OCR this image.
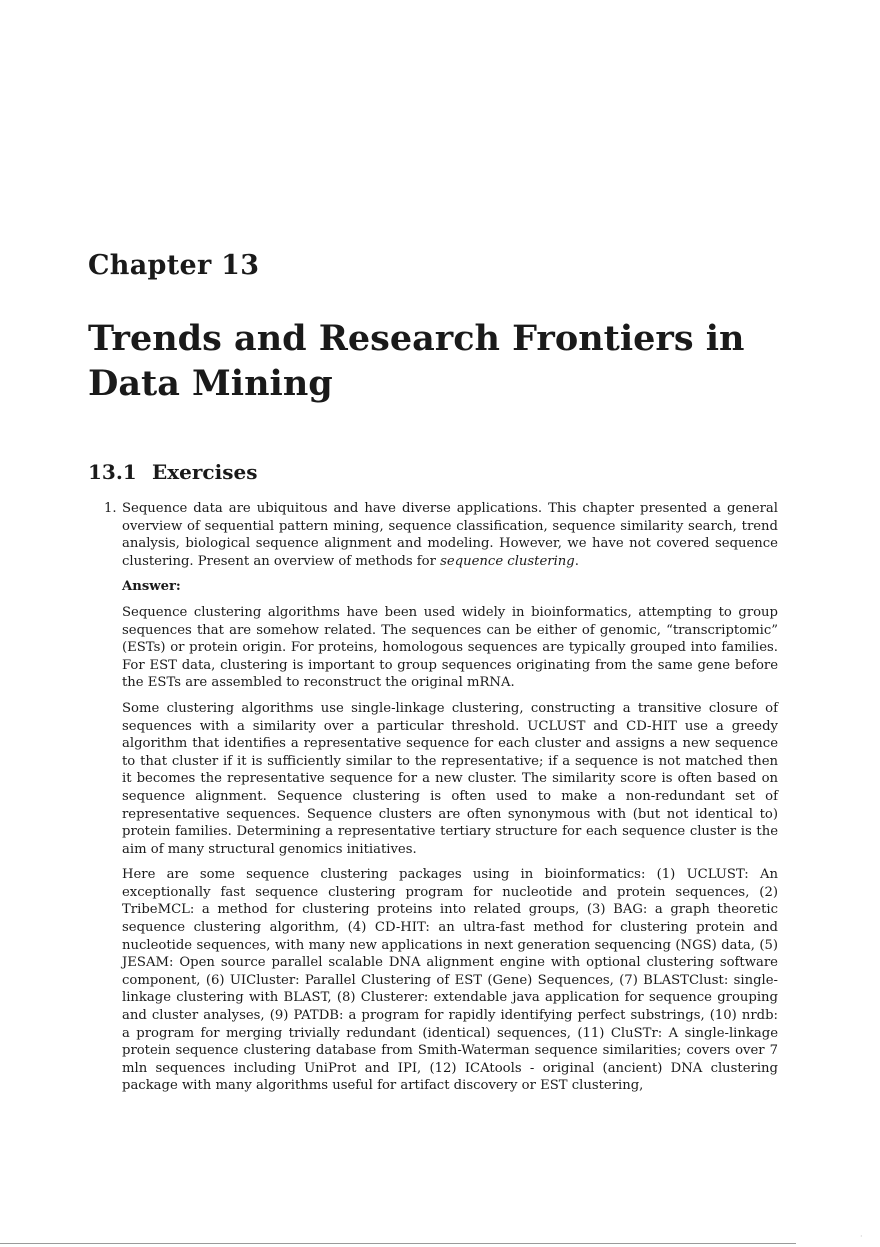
Chapter 13
Trends and Research Frontiers in Data Mining
13.1 Exercises
1. Sequence data are ubiquitous and have diverse applications. This chapter presented a general overview of sequential pattern mining, sequence classification, sequence similarity search, trend analysis, biological sequence alignment and modeling. However, we have not covered sequence clustering. Present an overview of methods for sequence clustering.

Answer:

Sequence clustering algorithms have been used widely in bioinformatics, attempting to group sequences that are somehow related. The sequences can be either of genomic, “transcriptomic” (ESTs) or protein origin. For proteins, homologous sequences are typically grouped into families. For EST data, clustering is important to group sequences originating from the same gene before the ESTs are assembled to reconstruct the original mRNA.

Some clustering algorithms use single-linkage clustering, constructing a transitive closure of sequences with a similarity over a particular threshold. UCLUST and CD-HIT use a greedy algorithm that identifies a representative sequence for each cluster and assigns a new sequence to that cluster if it is sufficiently similar to the representative; if a sequence is not matched then it becomes the representative sequence for a new cluster. The similarity score is often based on sequence alignment. Sequence clustering is often used to make a non-redundant set of representative sequences. Sequence clusters are often synonymous with (but not identical to) protein families. Determining a representative tertiary structure for each sequence cluster is the aim of many structural genomics initiatives.

Here are some sequence clustering packages using in bioinformatics: (1) UCLUST: An exceptionally fast sequence clustering program for nucleotide and protein sequences, (2) TribeMCL: a method for clustering proteins into related groups, (3) BAG: a graph theoretic sequence clustering algorithm, (4) CD-HIT: an ultra-fast method for clustering protein and nucleotide sequences, with many new applications in next generation sequencing (NGS) data, (5) JESAM: Open source parallel scalable DNA alignment engine with optional clustering software component, (6) UICluster: Parallel Clustering of EST (Gene) Sequences, (7) BLASTClust: single-linkage clustering with BLAST, (8) Clusterer: extendable java application for sequence grouping and cluster analyses, (9) PATDB: a program for rapidly identifying perfect substrings, (10) nrdb: a program for merging trivially redundant (identical) sequences, (11) CluSTr: A single-linkage protein sequence clustering database from Smith-Waterman sequence similarities; covers over 7 mln sequences including UniProt and IPI, (12) ICAtools - original (ancient) DNA clustering package with many algorithms useful for artifact discovery or EST clustering,

·
